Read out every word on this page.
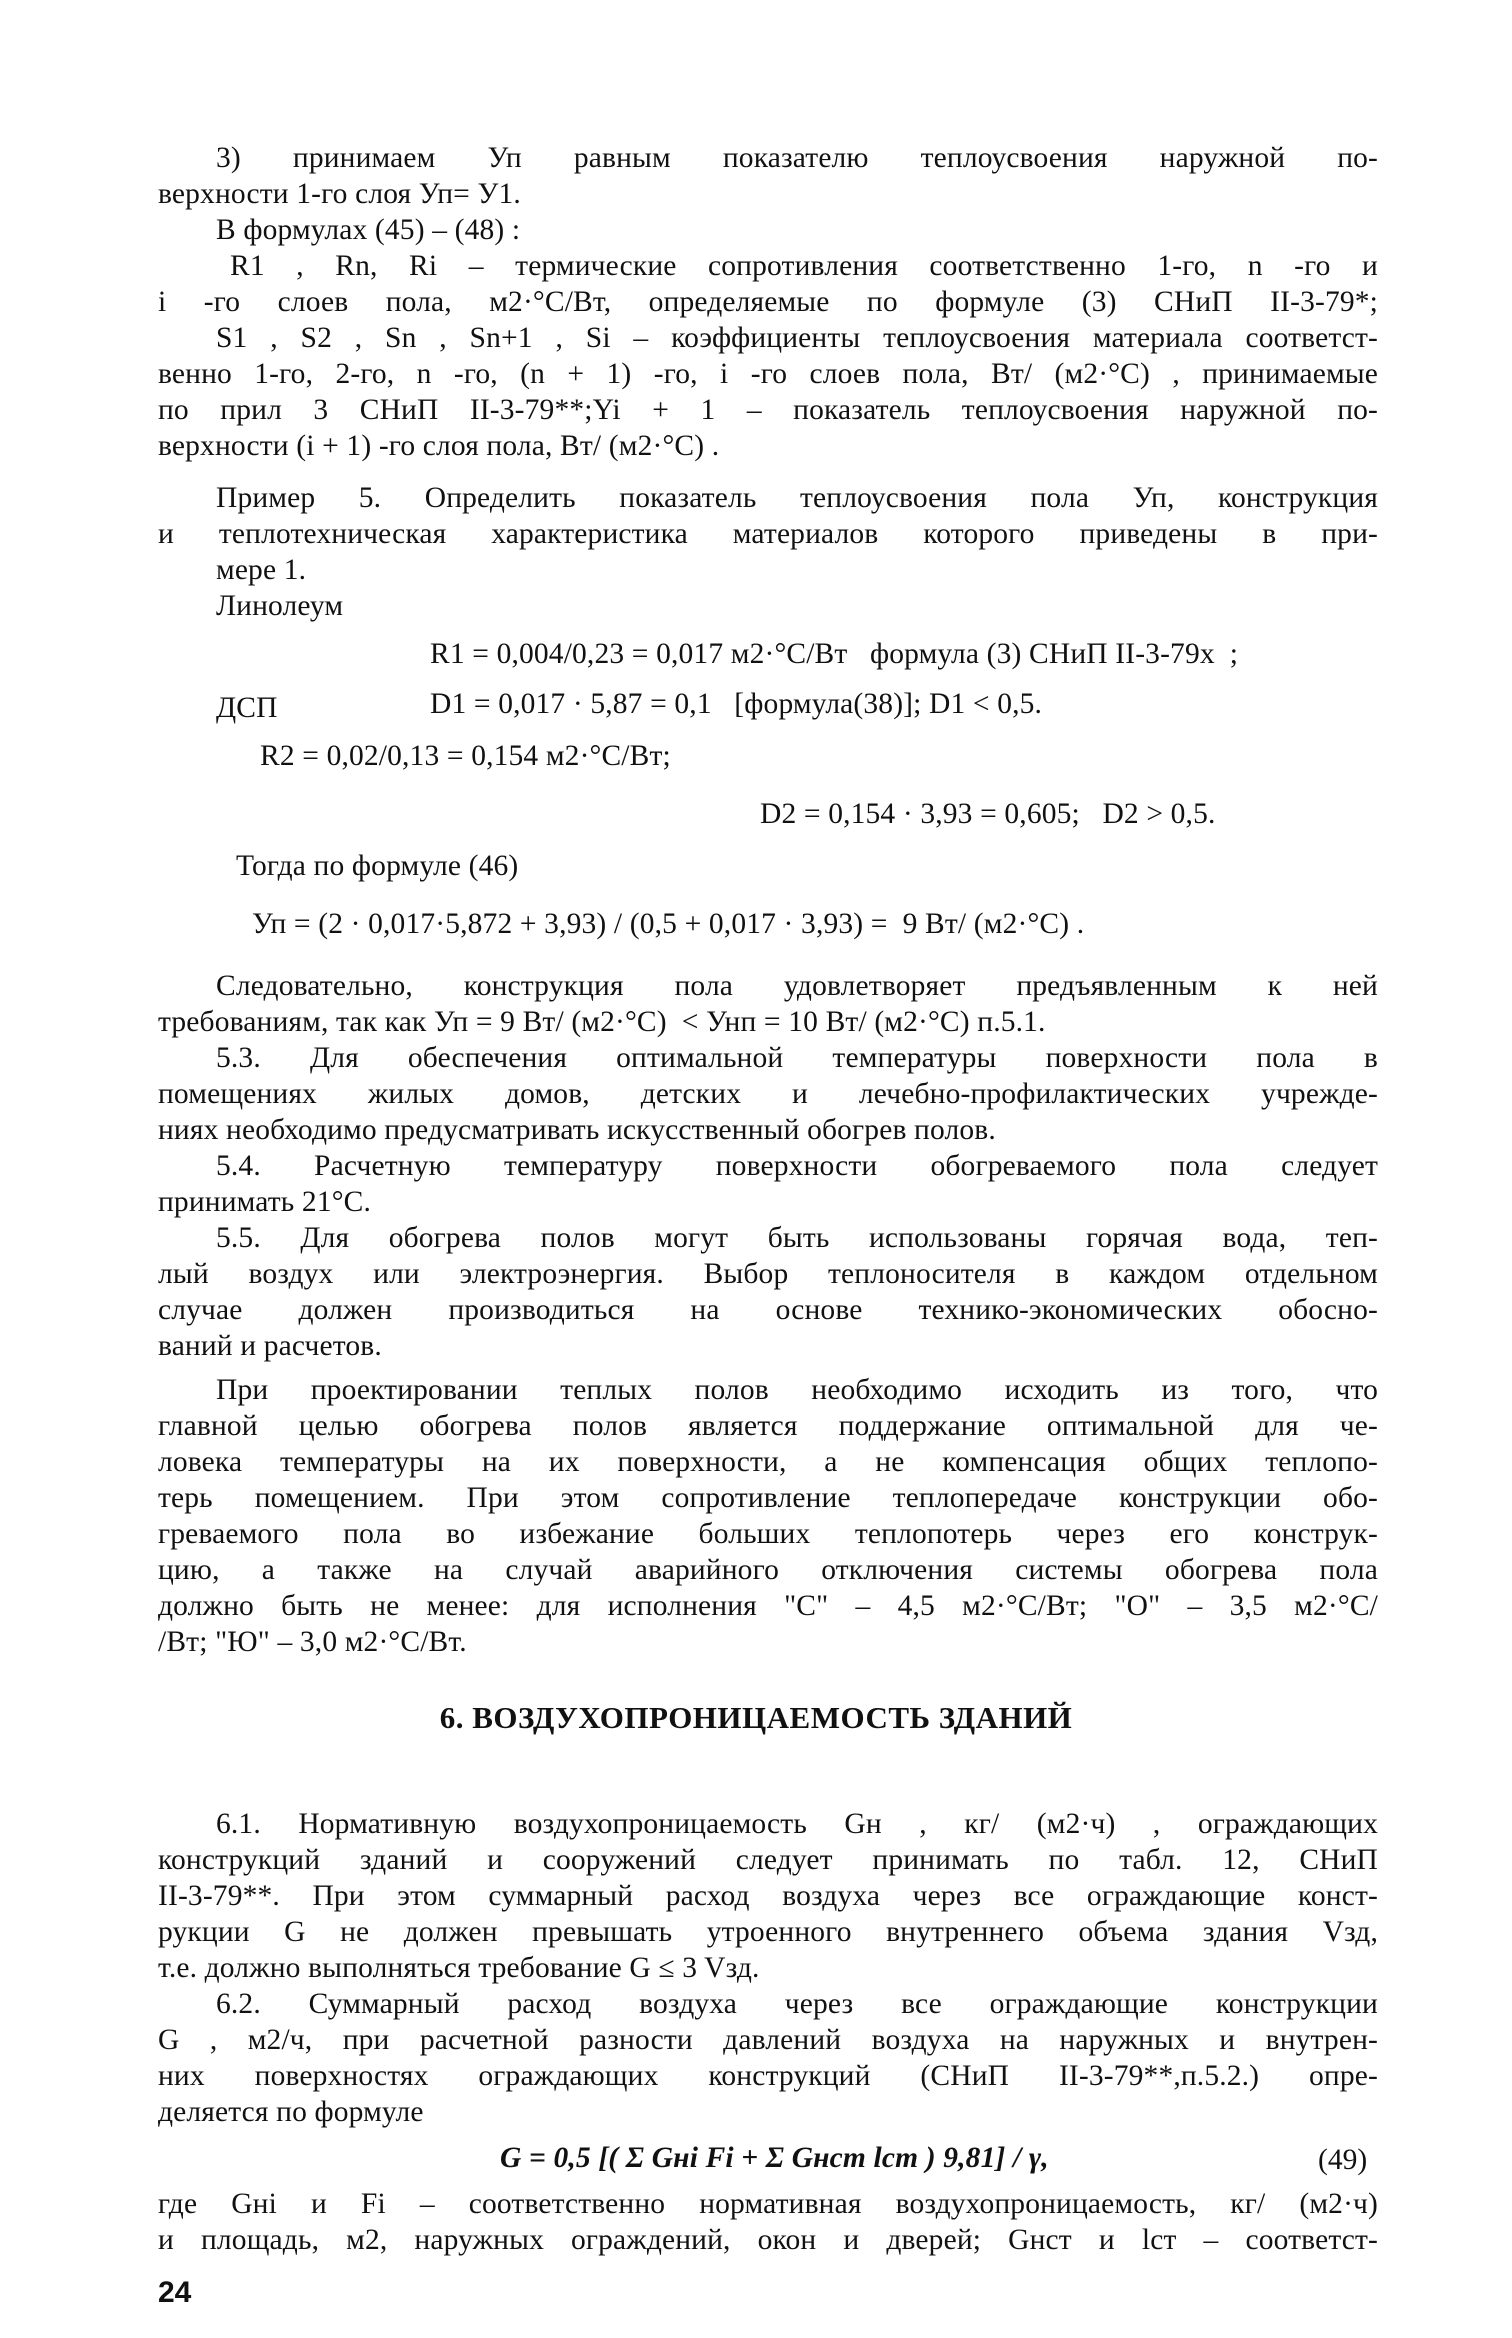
3) принимаем Уп равным показателю теплоусвоения наружной по-
верхности 1-го слоя Уп= У1.
В формулах (45) – (48) :
R1 , Rn, Ri – термические сопротивления соответственно 1-го, n -го и
i -го слоев пола, м2·°С/Вт, определяемые по формуле (3) СНиП II-3-79*;
S1 , S2 , Sn , Sn+1 , Si – коэффициенты теплоусвоения материала соответст-
венно 1-го, 2-го, n -го, (n + 1) -го, i -го слоев пола, Вт/ (м2·°С) , принимаемые
по прил 3 СНиП II-3-79**;Yi + 1 – показатель теплоусвоения наружной по-
верхности (i + 1) -го слоя пола, Вт/ (м2·°С) .
Пример 5. Определить показатель теплоусвоения пола Уп, конструкция
и теплотехническая характеристика материалов которого приведены в при-
мере 1.
Линолеум
R1 = 0,004/0,23 = 0,017 м2·°С/Вт   формула (3) СНиП II-3-79x  ;
ДСП	D1 = 0,017 · 5,87 = 0,1   [формула(38)]; D1 < 0,5.
R2 = 0,02/0,13 = 0,154 м2·°С/Вт;
D2 = 0,154 · 3,93 = 0,605;   D2 > 0,5.
Тогда по формуле (46)
Уп = (2 · 0,017·5,872 + 3,93) / (0,5 + 0,017 · 3,93) =  9 Вт/ (м2·°С) .
Следовательно, конструкция пола удовлетворяет предъявленным к ней
требованиям, так как Уп = 9 Вт/ (м2·°С)  < Унп = 10 Вт/ (м2·°С) п.5.1.
5.3. Для обеспечения оптимальной температуры поверхности пола в
помещениях жилых домов, детских и лечебно-профилактических учрежде-
ниях необходимо предусматривать искусственный обогрев полов.
5.4. Расчетную температуру поверхности обогреваемого пола следует
принимать 21°С.
5.5. Для обогрева полов могут быть использованы горячая вода, теп-
лый воздух или электроэнергия. Выбор теплоносителя в каждом отдельном
случае должен производиться на основе технико-экономических обосно-
ваний и расчетов.
При проектировании теплых полов необходимо исходить из того, что
главной целью обогрева полов является поддержание оптимальной для че-
ловека температуры на их поверхности, а не компенсация общих теплопо-
терь помещением. При этом сопротивление теплопередаче конструкции обо-
греваемого пола во избежание больших теплопотерь через его конструк-
цию, а также на случай аварийного отключения системы обогрева пола
должно быть не менее: для исполнения "С" – 4,5 м2·°С/Вт; "О" – 3,5 м2·°С/
/Вт; "Ю" – 3,0 м2·°С/Вт.
6. ВОЗДУХОПРОНИЦАЕМОСТЬ ЗДАНИЙ
6.1. Нормативную воздухопроницаемость Gн , кг/ (м2·ч) , ограждающих
конструкций зданий и сооружений следует принимать по табл. 12, СНиП
II-3-79**. При этом суммарный расход воздуха через все ограждающие конст-
рукции G не должен превышать утроенного внутреннего объема здания Vзд,
т.е. должно выполняться требование G ≤ 3 Vзд.
6.2. Суммарный расход воздуха через все ограждающие конструкции
G , м2/ч, при расчетной разности давлений воздуха на наружных и внутрен-
них поверхностях ограждающих конструкций (СНиП II-3-79**,п.5.2.) опре-
деляется по формуле
G = 0,5 [( Σ Gнi Fi + Σ Gнст lст ) 9,81] / γ,	(49)
где Gнi и Fi – соответственно нормативная воздухопроницаемость, кг/ (м2·ч)
и площадь, м2, наружных ограждений, окон и дверей; Gнст и lст – соответст-
24
